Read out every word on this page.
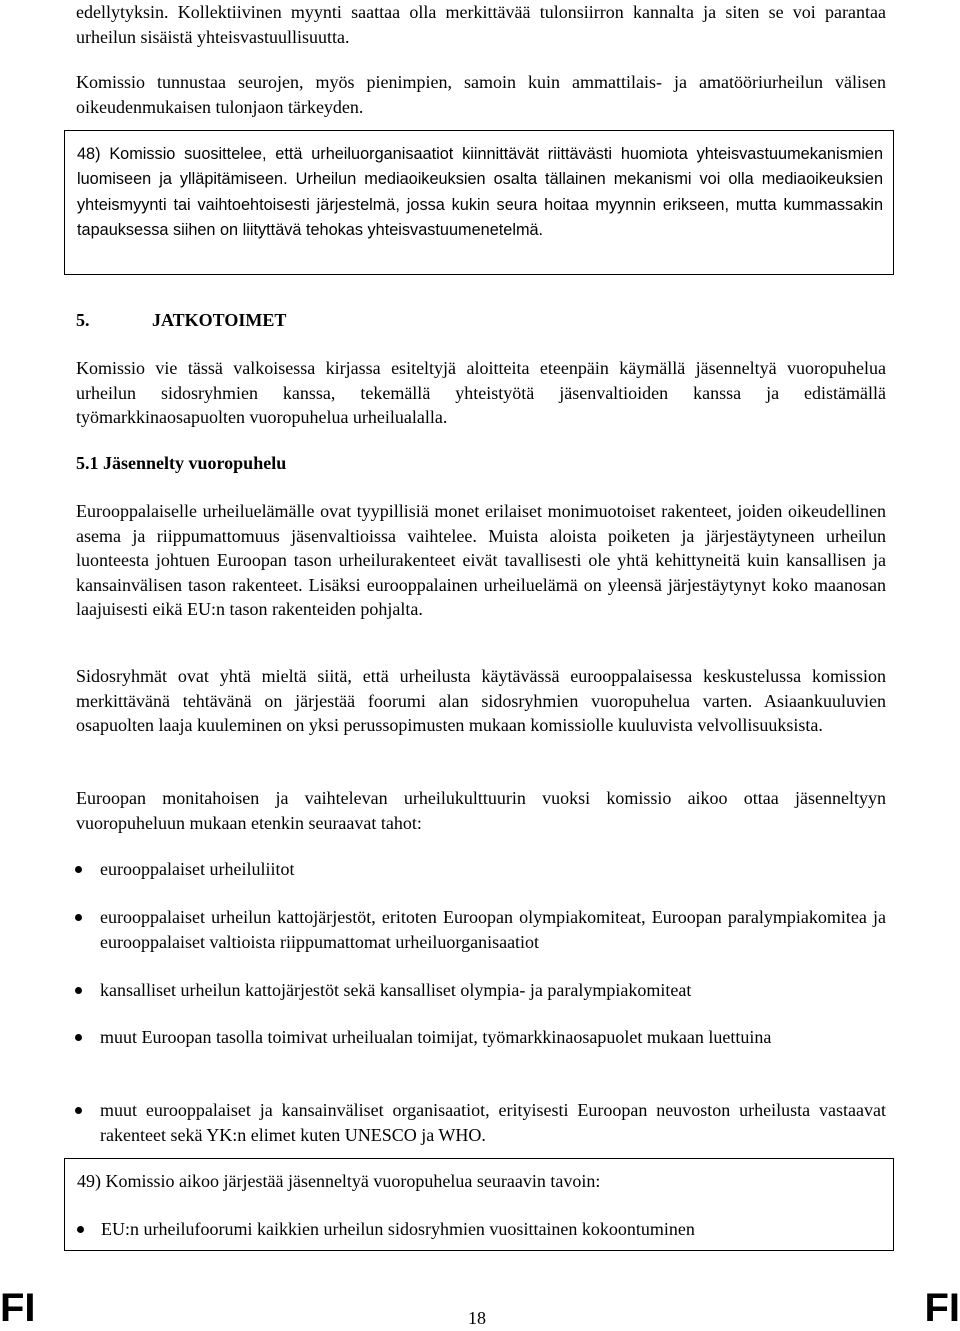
edellytyksin. Kollektiivinen myynti saattaa olla merkittävää tulonsiirron kannalta ja siten se voi parantaa urheilun sisäistä yhteisvastuullisuutta.

Komissio tunnustaa seurojen, myös pienimpien, samoin kuin ammattilais- ja amatööriurheilun välisen oikeudenmukaisen tulonjaon tärkeyden.

48) Komissio suosittelee, että urheiluorganisaatiot kiinnittävät riittävästi huomiota yhteisvastuumekanismien luomiseen ja ylläpitämiseen. Urheilun mediaoikeuksien osalta tällainen mekanismi voi olla mediaoikeuksien yhteismyynti tai vaihtoehtoisesti järjestelmä, jossa kukin seura hoitaa myynnin erikseen, mutta kummassakin tapauksessa siihen on liityttävä tehokas yhteisvastuumenetelmä.

5.	JATKOTOIMET

Komissio vie tässä valkoisessa kirjassa esiteltyjä aloitteita eteenpäin käymällä jäsenneltyä vuoropuhelua urheilun sidosryhmien kanssa, tekemällä yhteistyötä jäsenvaltioiden kanssa ja edistämällä työmarkkinaosapuolten vuoropuhelua urheilualalla.

5.1 Jäsennelty vuoropuhelu

Eurooppalaiselle urheiluelämälle ovat tyypillisiä monet erilaiset monimuotoiset rakenteet, joiden oikeudellinen asema ja riippumattomuus jäsenvaltioissa vaihtelee. Muista aloista poiketen ja järjestäytyneen urheilun luonteesta johtuen Euroopan tason urheilurakenteet eivät tavallisesti ole yhtä kehittyneitä kuin kansallisen ja kansainvälisen tason rakenteet. Lisäksi eurooppalainen urheiluelämä on yleensä järjestäytynyt koko maanosan laajuisesti eikä EU:n tason rakenteiden pohjalta.

Sidosryhmät ovat yhtä mieltä siitä, että urheilusta käytävässä eurooppalaisessa keskustelussa komission merkittävänä tehtävänä on järjestää foorumi alan sidosryhmien vuoropuhelua varten. Asiaankuuluvien osapuolten laaja kuuleminen on yksi perussopimusten mukaan komissiolle kuuluvista velvollisuuksista.

Euroopan monitahoisen ja vaihtelevan urheilukulttuurin vuoksi komissio aikoo ottaa jäsenneltyyn vuoropuheluun mukaan etenkin seuraavat tahot:

eurooppalaiset urheiluliitot
eurooppalaiset urheilun kattojärjestöt, eritoten Euroopan olympiakomiteat, Euroopan paralympiakomitea ja eurooppalaiset valtioista riippumattomat urheiluorganisaatiot
kansalliset urheilun kattojärjestöt sekä kansalliset olympia- ja paralympiakomiteat
muut Euroopan tasolla toimivat urheilualan toimijat, työmarkkinaosapuolet mukaan luettuina
muut eurooppalaiset ja kansainväliset organisaatiot, erityisesti Euroopan neuvoston urheilusta vastaavat rakenteet sekä YK:n elimet kuten UNESCO ja WHO.

49) Komissio aikoo järjestää jäsenneltyä vuoropuhelua seuraavin tavoin:

EU:n urheilufoorumi kaikkien urheilun sidosryhmien vuosittainen kokoontuminen
FI	18	FI
